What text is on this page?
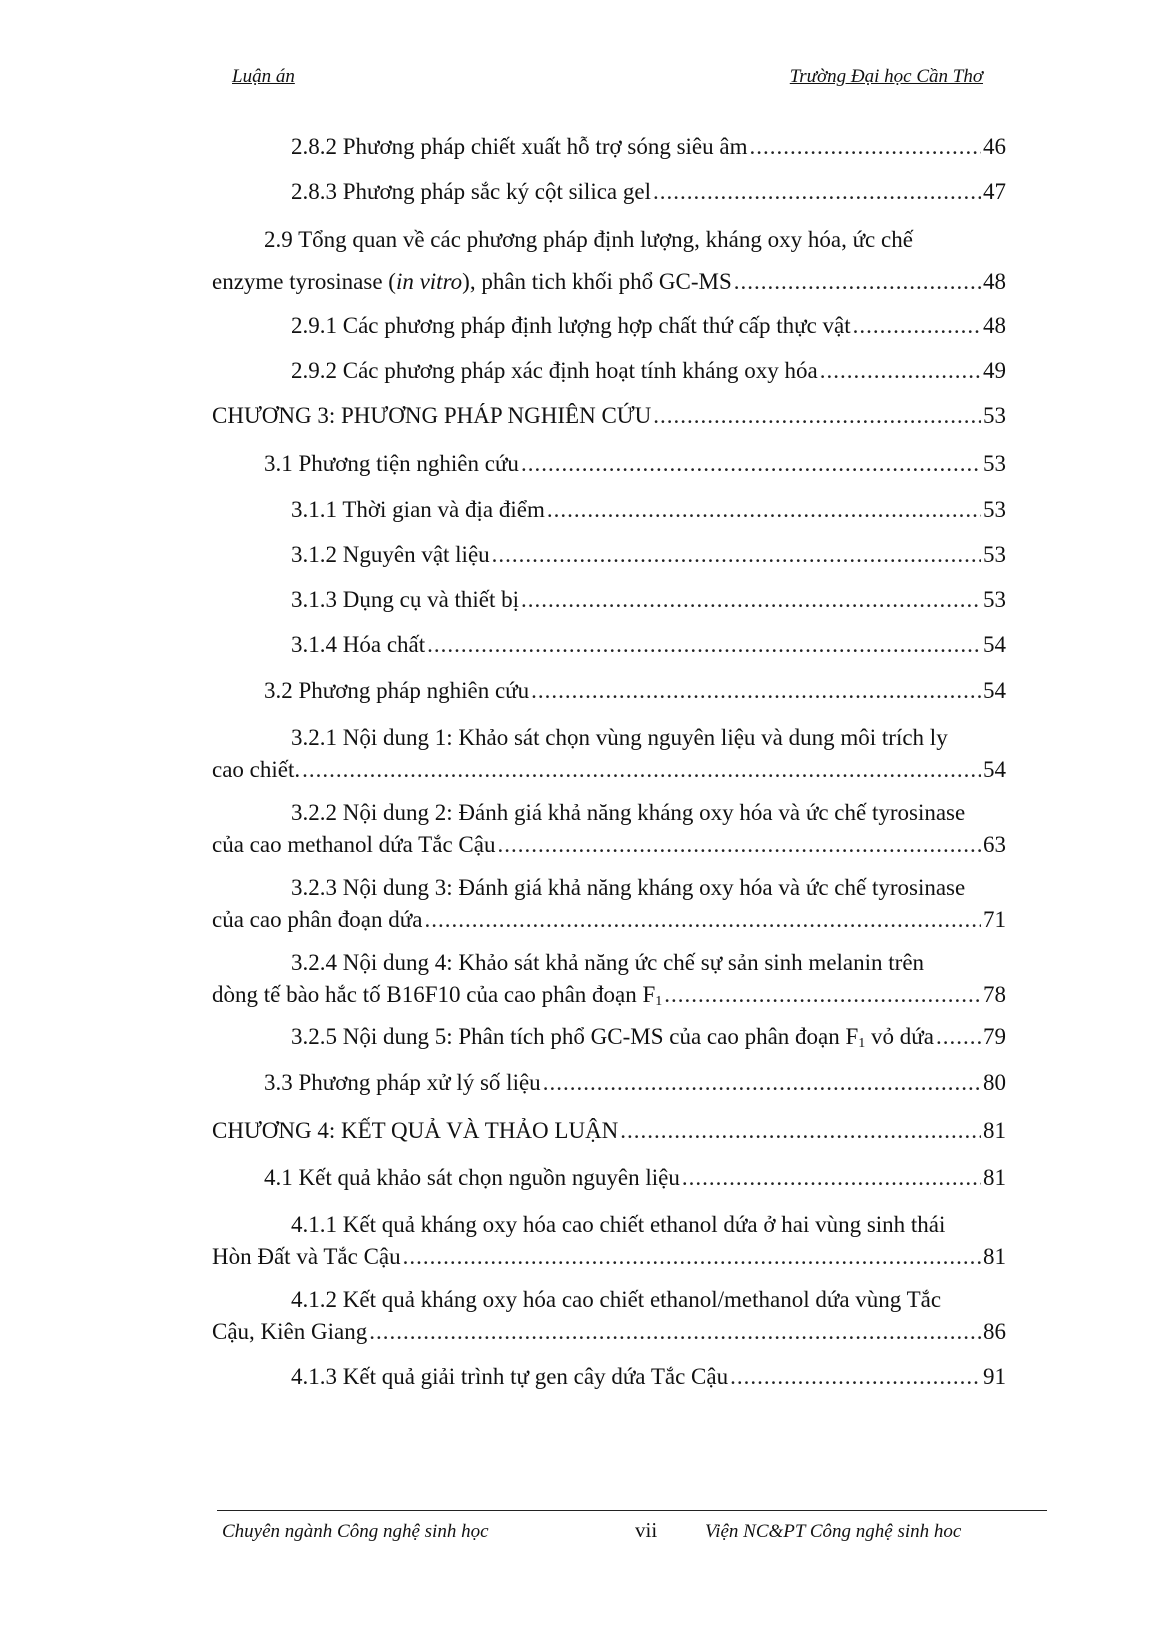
Luận án	Trường Đại học Cần Thơ
2.8.2 Phương pháp chiết xuất hỗ trợ sóng siêu âm .....	46
2.8.3 Phương pháp sắc ký cột silica gel .....	47
2.9 Tổng quan về các phương pháp định lượng, kháng oxy hóa, ức chế
enzyme tyrosinase (in vitro), phân tich khối phổ GC-MS .....	48
2.9.1 Các phương pháp định lượng hợp chất thứ cấp thực vật .....	48
2.9.2 Các phương pháp xác định hoạt tính kháng oxy hóa .....	49
CHƯƠNG 3: PHƯƠNG PHÁP NGHIÊN CỨU .....	53
3.1 Phương tiện nghiên cứu .....	53
3.1.1 Thời gian và địa điểm .....	53
3.1.2 Nguyên vật liệu .....	53
3.1.3 Dụng cụ và thiết bị .....	53
3.1.4 Hóa chất .....	54
3.2 Phương pháp nghiên cứu .....	54
3.2.1 Nội dung 1: Khảo sát chọn vùng nguyên liệu và dung môi trích ly
cao chiết. .....	54
3.2.2 Nội dung 2: Đánh giá khả năng kháng oxy hóa và ức chế tyrosinase
của cao methanol dứa Tắc Cậu .....	63
3.2.3 Nội dung 3: Đánh giá khả năng kháng oxy hóa và ức chế tyrosinase
của cao phân đoạn dứa .....	71
3.2.4 Nội dung 4: Khảo sát khả năng ức chế sự sản sinh melanin trên
dòng tế bào hắc tố B16F10 của cao phân đoạn $F_1$ .....	78
3.2.5 Nội dung 5: Phân tích phổ GC-MS của cao phân đoạn $F_1$ vỏ dứa ..... 79
3.3 Phương pháp xử lý số liệu .....	80
CHƯƠNG 4: KẾT QUẢ VÀ THẢO LUẬN .....	81
4.1 Kết quả khảo sát chọn nguồn nguyên liệu .....	81
4.1.1 Kết quả kháng oxy hóa cao chiết ethanol dứa ở hai vùng sinh thái
Hòn Đất và Tắc Cậu .....	81
4.1.2 Kết quả kháng oxy hóa cao chiết ethanol/methanol dứa vùng Tắc
Cậu, Kiên Giang .....	86
4.1.3 Kết quả giải trình tự gen cây dứa Tắc Cậu .....	91
Chuyên ngành Công nghệ sinh học	vii	Viện NC&PT Công nghệ sinh hoc
